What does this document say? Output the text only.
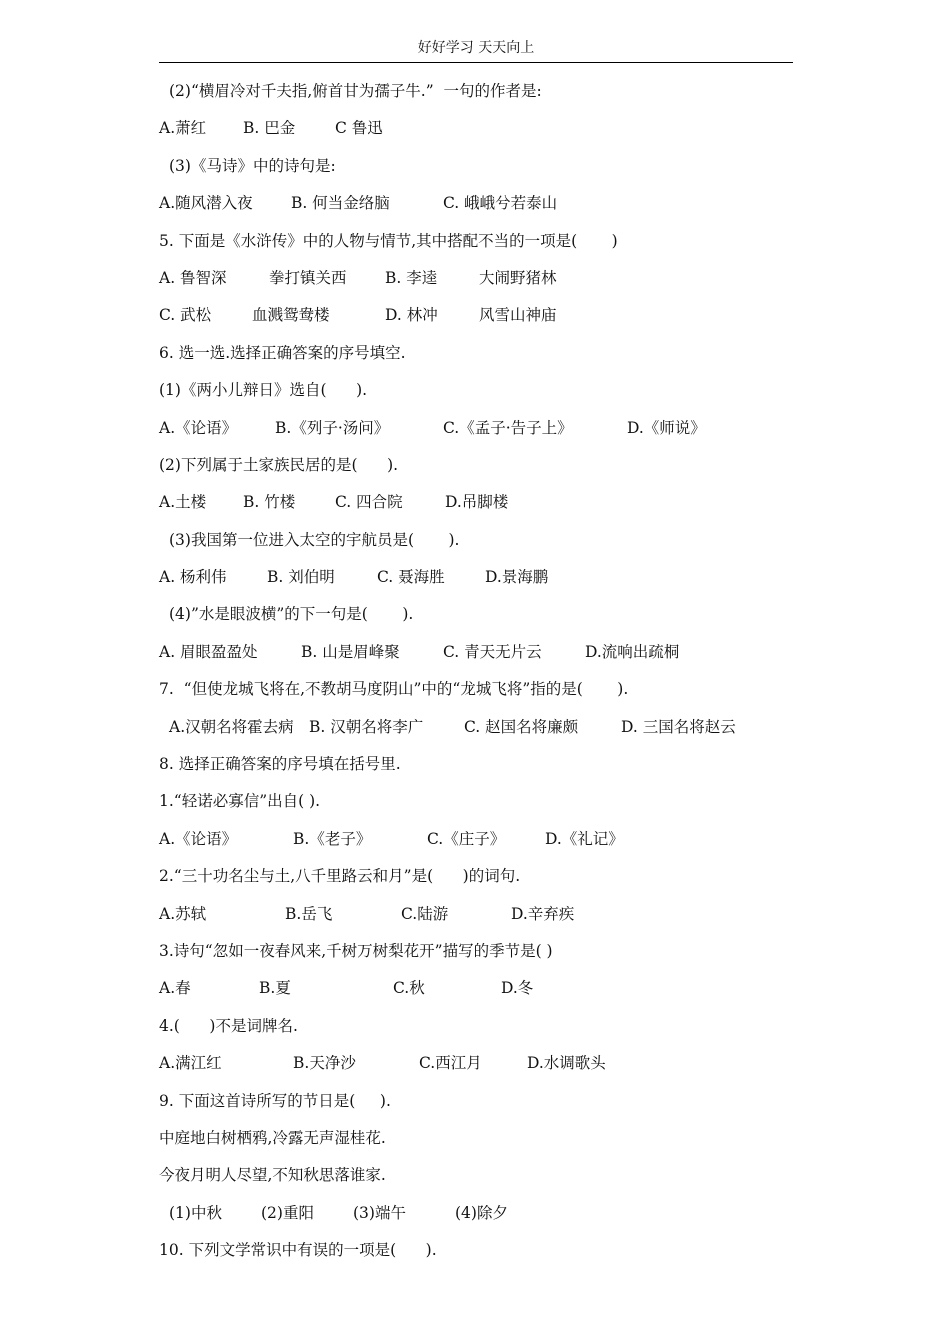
好好学习 天天向上
(2)“横眉冷对千夫指,俯首甘为孺子牛.”  一句的作者是:
A.萧红 B. 巴金	C 鲁迅
(3)《马诗》中的诗句是:
A.随风潜入夜 B. 何当金络脑	C. 峨峨兮若泰山
5. 下面是《水浒传》中的人物与情节,其中搭配不当的一项是(       )
A. 鲁智深	拳打镇关西 B. 李逵	大闹野猪林
C. 武松	血溅鸳鸯楼	D. 林冲	风雪山神庙
6. 选一选.选择正确答案的序号填空.
(1)《两小儿辩日》选自(      ).
A.《论语》 B.《列子·汤问》	C.《孟子·告子上》	D.《师说》
(2)下列属于土家族民居的是(      ).
A.土楼 B. 竹楼	C. 四合院	D.吊脚楼
(3)我国第一位进入太空的宇航员是(       ).
A. 杨利伟	B. 刘伯明	C. 聂海胜	D.景海鹏
(4)”水是眼波横”的下一句是(       ).
A. 眉眼盈盈处	B. 山是眉峰聚	C. 青天无片云	D.流响出疏桐
7.  “但使龙城飞将在,不教胡马度阴山”中的“龙城飞将”指的是(       ).
A.汉朝名将霍去病 B. 汉朝名将李广	C. 赵国名将廉颇	D. 三国名将赵云
8. 选择正确答案的序号填在括号里.
1.“轻诺必寡信”出自( ).
A.《论语》	B.《老子》	C.《庄子》	D.《礼记》
2.“三十功名尘与土,八千里路云和月”是(      )的词句.
A.苏轼	B.岳飞	C.陆游	D.辛弃疾
3.诗句“忽如一夜春风来,千树万树梨花开”描写的季节是( )
A.春	B.夏	C.秋	D.冬
4.(      )不是词牌名.
A.满江红	B.天净沙	C.西江月	D.水调歌头
9. 下面这首诗所写的节日是(     ).
中庭地白树栖鸦,冷露无声湿桂花.
今夜月明人尽望,不知秋思落谁家.
(1)中秋	(2)重阳	(3)端午	(4)除夕
10. 下列文学常识中有误的一项是(      ).
